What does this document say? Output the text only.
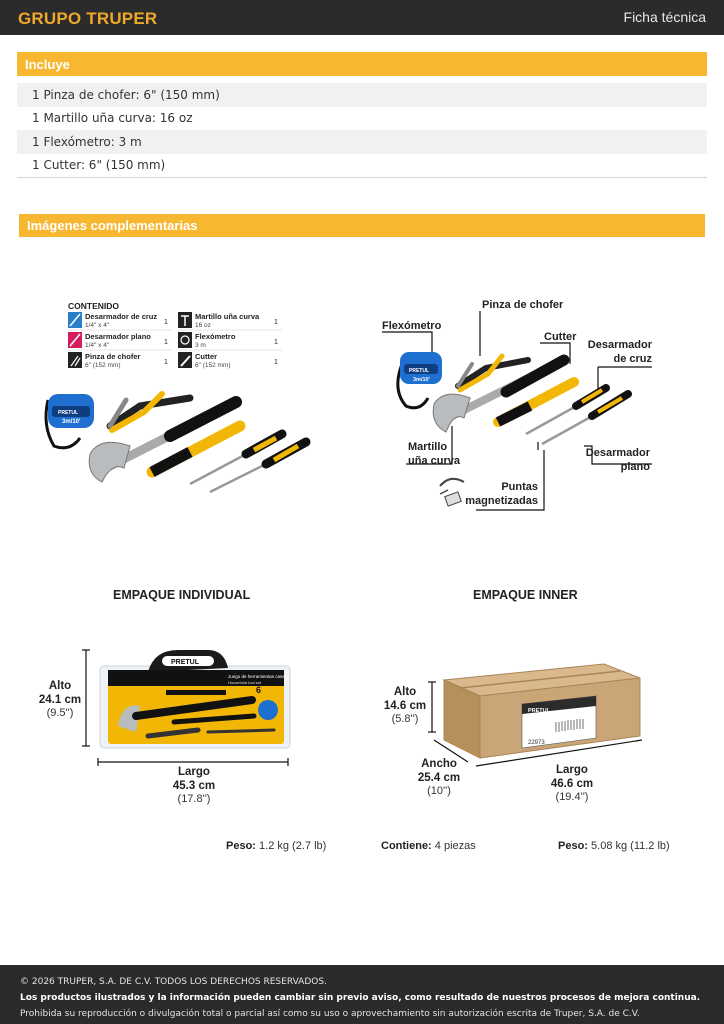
GRUPO TRUPER	Ficha técnica
Incluye
1 Pinza de chofer: 6" (150 mm)
1 Martillo uña curva: 16 oz
1 Flexómetro: 3 m
1 Cutter: 6" (150 mm)
Imágenes complementarias
CONTENIDO
Desarmador de cruz
1/4" x 4"	1
Desarmador plano
1/4" x 4"	1
Pinza de chofer
6" (152 mm)	1
Martillo uña curva
16 oz	1
Flexómetro
3 m	1
Cutter
6" (152 mm)	1
PRETUL
3m/10'
PRETUL
3m/10'
Pinza de chofer
Flexómetro
Cutter
Desarmador
de cruz
Martillo
uña curva
Desarmador
plano
Puntas
magnetizadas
EMPAQUE INDIVIDUAL	EMPAQUE INNER
PRETUL
Juego de herramientas casero
Household tool set
6
Alto
24.1 cm
(9.5'')
Largo
45.3 cm
(17.8'')
PRETUL
22973
Alto
14.6 cm
(5.8'')
Ancho
25.4 cm
(10'')
Largo
46.6 cm
(19.4'')
Peso: 1.2 kg (2.7 lb)	Contiene: 4 piezas	Peso: 5.08 kg (11.2 lb)
© 2026 TRUPER, S.A. DE C.V. TODOS LOS DERECHOS RESERVADOS.
Los productos ilustrados y la información pueden cambiar sin previo aviso, como resultado de nuestros procesos de mejora continua.
Prohibida su reproducción o divulgación total o parcial así como su uso o aprovechamiento sin autorización escrita de Truper, S.A. de C.V.
